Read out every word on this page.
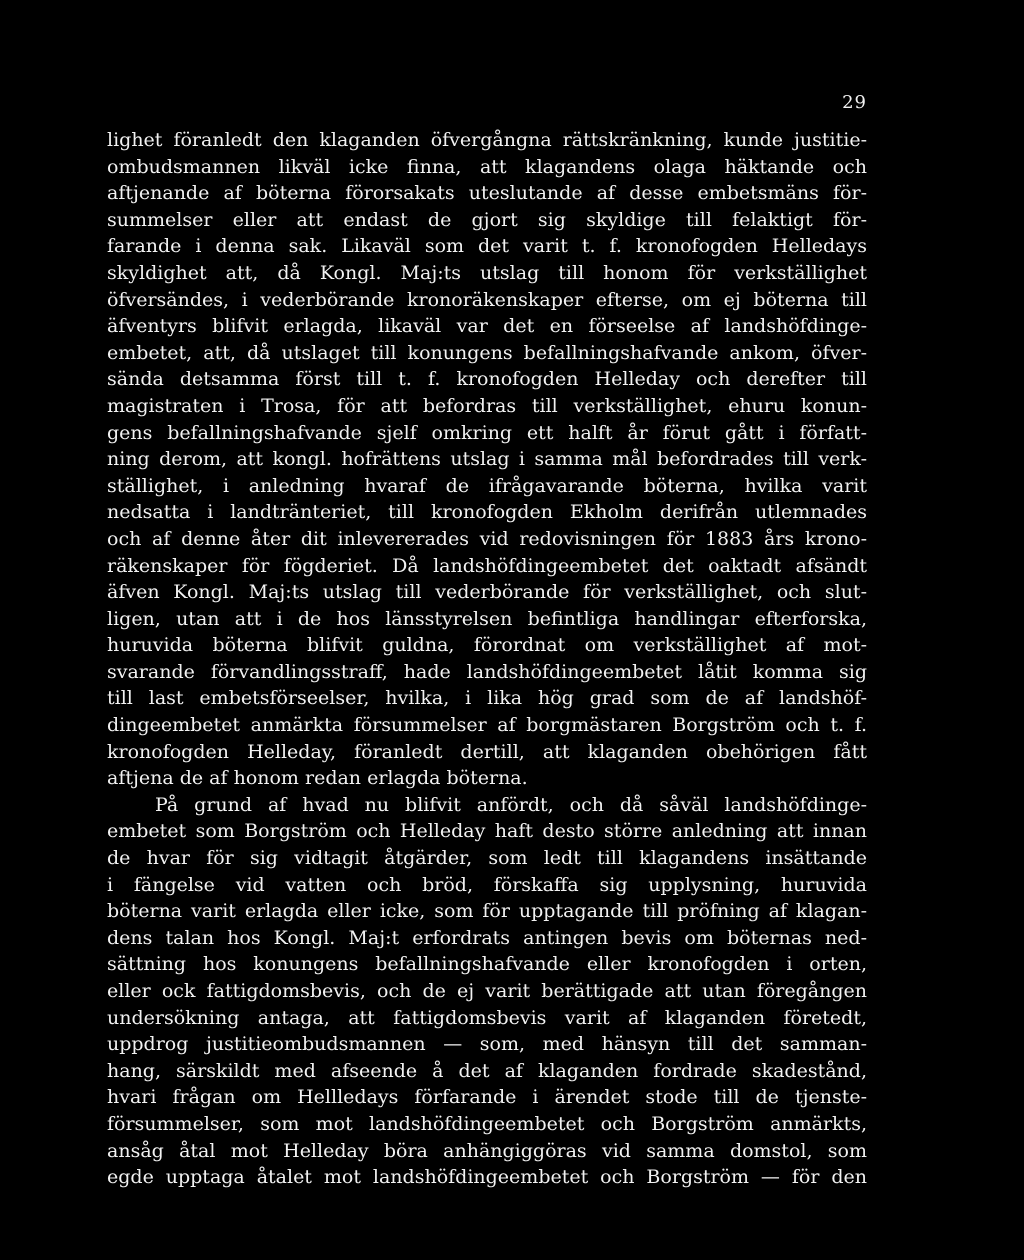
29
lighet föranledt den klaganden öfvergångna rättskränkning, kunde justitie-
ombudsmannen likväl icke finna, att klagandens olaga häktande och
aftjenande af böterna förorsakats uteslutande af desse embetsmäns för-
summelser eller att endast de gjort sig skyldige till felaktigt för-
farande i denna sak. Likaväl som det varit t. f. kronofogden Helledays
skyldighet att, då Kongl. Maj:ts utslag till honom för verkställighet
öfversändes, i vederbörande kronoräkenskaper efterse, om ej böterna till
äfventyrs blifvit erlagda, likaväl var det en förseelse af landshöfdinge-
embetet, att, då utslaget till konungens befallningshafvande ankom, öfver-
sända detsamma först till t. f. kronofogden Helleday och derefter till
magistraten i Trosa, för att befordras till verkställighet, ehuru konun-
gens befallningshafvande sjelf omkring ett halft år förut gått i författ-
ning derom, att kongl. hofrättens utslag i samma mål befordrades till verk-
ställighet, i anledning hvaraf de ifrågavarande böterna, hvilka varit
nedsatta i landtränteriet, till kronofogden Ekholm derifrån utlemnades
och af denne åter dit inlevererades vid redovisningen för 1883 års krono-
räkenskaper för fögderiet. Då landshöfdingeembetet det oaktadt afsändt
äfven Kongl. Maj:ts utslag till vederbörande för verkställighet, och slut-
ligen, utan att i de hos länsstyrelsen befintliga handlingar efterforska,
huruvida böterna blifvit guldna, förordnat om verkställighet af mot-
svarande förvandlingsstraff, hade landshöfdingeembetet låtit komma sig
till last embetsförseelser, hvilka, i lika hög grad som de af landshöf-
dingeembetet anmärkta försummelser af borgmästaren Borgström och t. f.
kronofogden Helleday, föranledt dertill, att klaganden obehörigen fått
aftjena de af honom redan erlagda böterna.
På grund af hvad nu blifvit anfördt, och då såväl landshöfdinge-
embetet som Borgström och Helleday haft desto större anledning att innan
de hvar för sig vidtagit åtgärder, som ledt till klagandens insättande
i fängelse vid vatten och bröd, förskaffa sig upplysning, huruvida
böterna varit erlagda eller icke, som för upptagande till pröfning af klagan-
dens talan hos Kongl. Maj:t erfordrats antingen bevis om böternas ned-
sättning hos konungens befallningshafvande eller kronofogden i orten,
eller ock fattigdomsbevis, och de ej varit berättigade att utan föregången
undersökning antaga, att fattigdomsbevis varit af klaganden företedt,
uppdrog justitieombudsmannen — som, med hänsyn till det samman-
hang, särskildt med afseende å det af klaganden fordrade skadestånd,
hvari frågan om Hellledays förfarande i ärendet stode till de tjenste-
försummelser, som mot landshöfdingeembetet och Borgström anmärkts,
ansåg åtal mot Helleday böra anhängiggöras vid samma domstol, som
egde upptaga åtalet mot landshöfdingeembetet och Borgström — för den
